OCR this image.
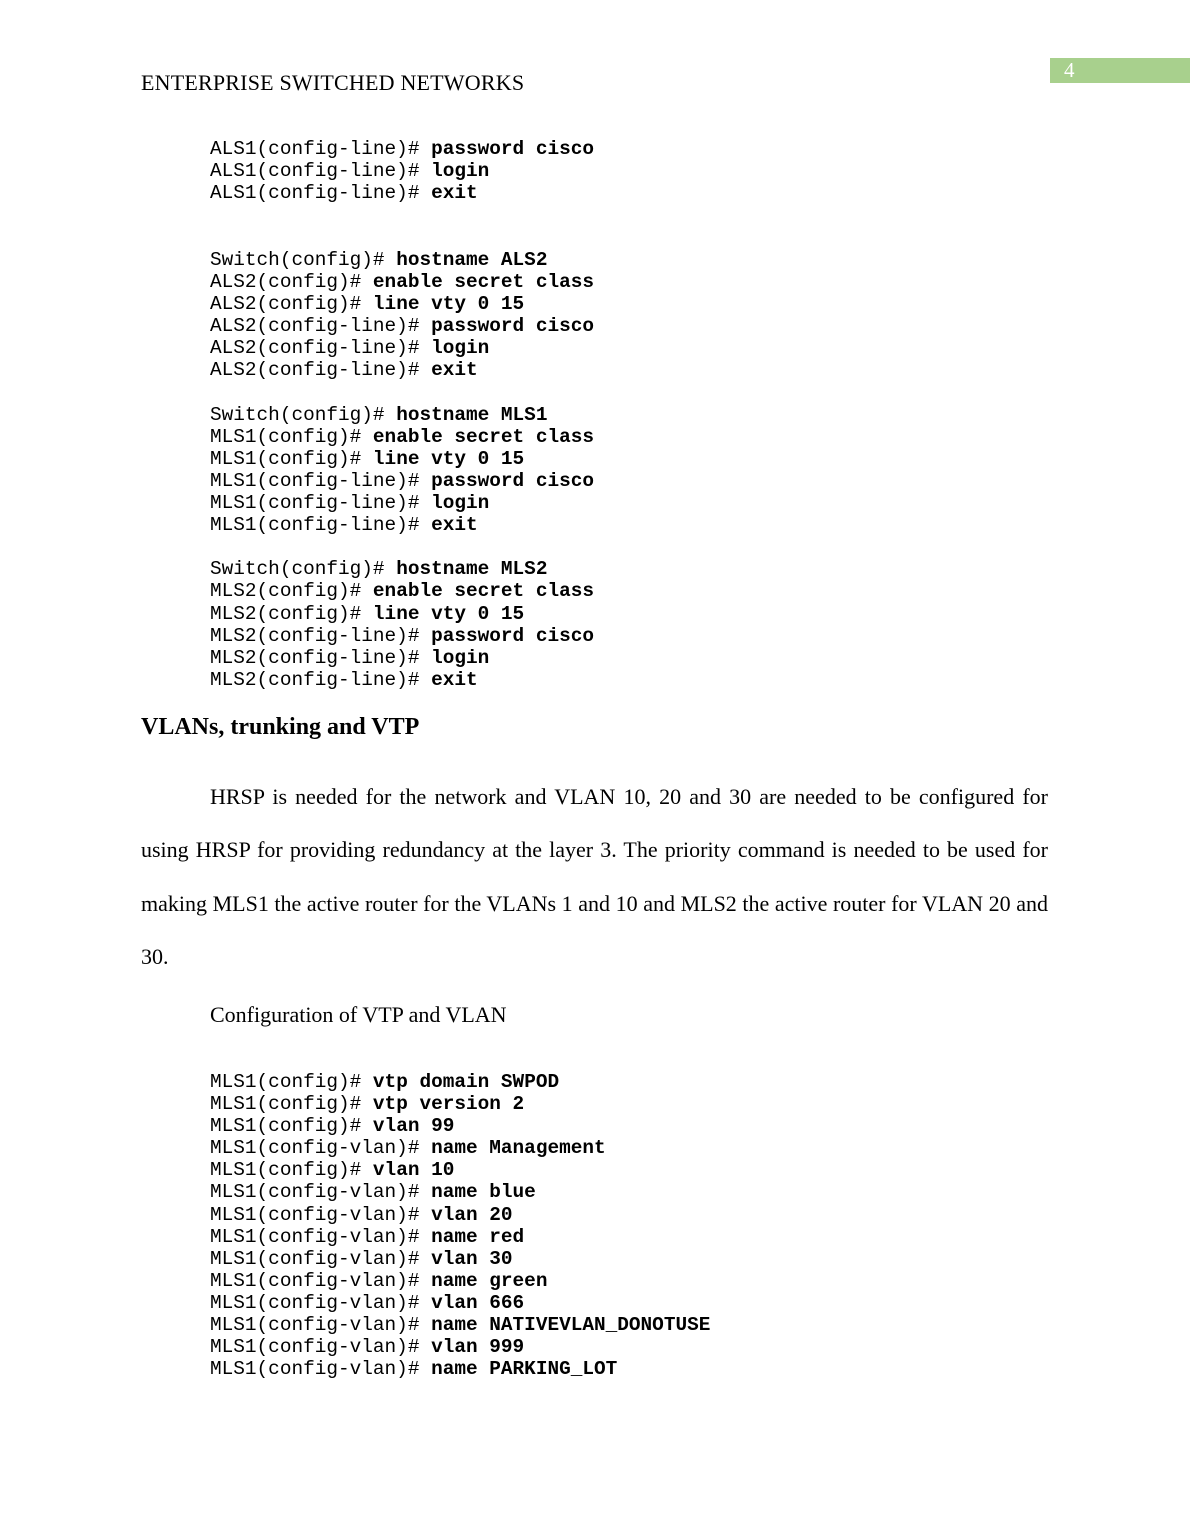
ENTERPRISE SWITCHED NETWORKS	4
ALS1(config-line)# password cisco
ALS1(config-line)# login
ALS1(config-line)# exit
Switch(config)# hostname ALS2
ALS2(config)# enable secret class
ALS2(config)# line vty 0 15
ALS2(config-line)# password cisco
ALS2(config-line)# login
ALS2(config-line)# exit
Switch(config)# hostname MLS1
MLS1(config)# enable secret class
MLS1(config)# line vty 0 15
MLS1(config-line)# password cisco
MLS1(config-line)# login
MLS1(config-line)# exit
Switch(config)# hostname MLS2
MLS2(config)# enable secret class
MLS2(config)# line vty 0 15
MLS2(config-line)# password cisco
MLS2(config-line)# login
MLS2(config-line)# exit
VLANs, trunking and VTP

HRSP is needed for the network and VLAN 10, 20 and 30 are needed to be configured for using HRSP for providing redundancy at the layer 3. The priority command is needed to be used for making MLS1 the active router for the VLANs 1 and 10 and MLS2 the active router for VLAN 20 and 30.

Configuration of VTP and VLAN

MLS1(config)# vtp domain SWPOD
MLS1(config)# vtp version 2
MLS1(config)# vlan 99
MLS1(config-vlan)# name Management
MLS1(config)# vlan 10
MLS1(config-vlan)# name blue
MLS1(config-vlan)# vlan 20
MLS1(config-vlan)# name red
MLS1(config-vlan)# vlan 30
MLS1(config-vlan)# name green
MLS1(config-vlan)# vlan 666
MLS1(config-vlan)# name NATIVEVLAN_DONOTUSE
MLS1(config-vlan)# vlan 999
MLS1(config-vlan)# name PARKING_LOT
